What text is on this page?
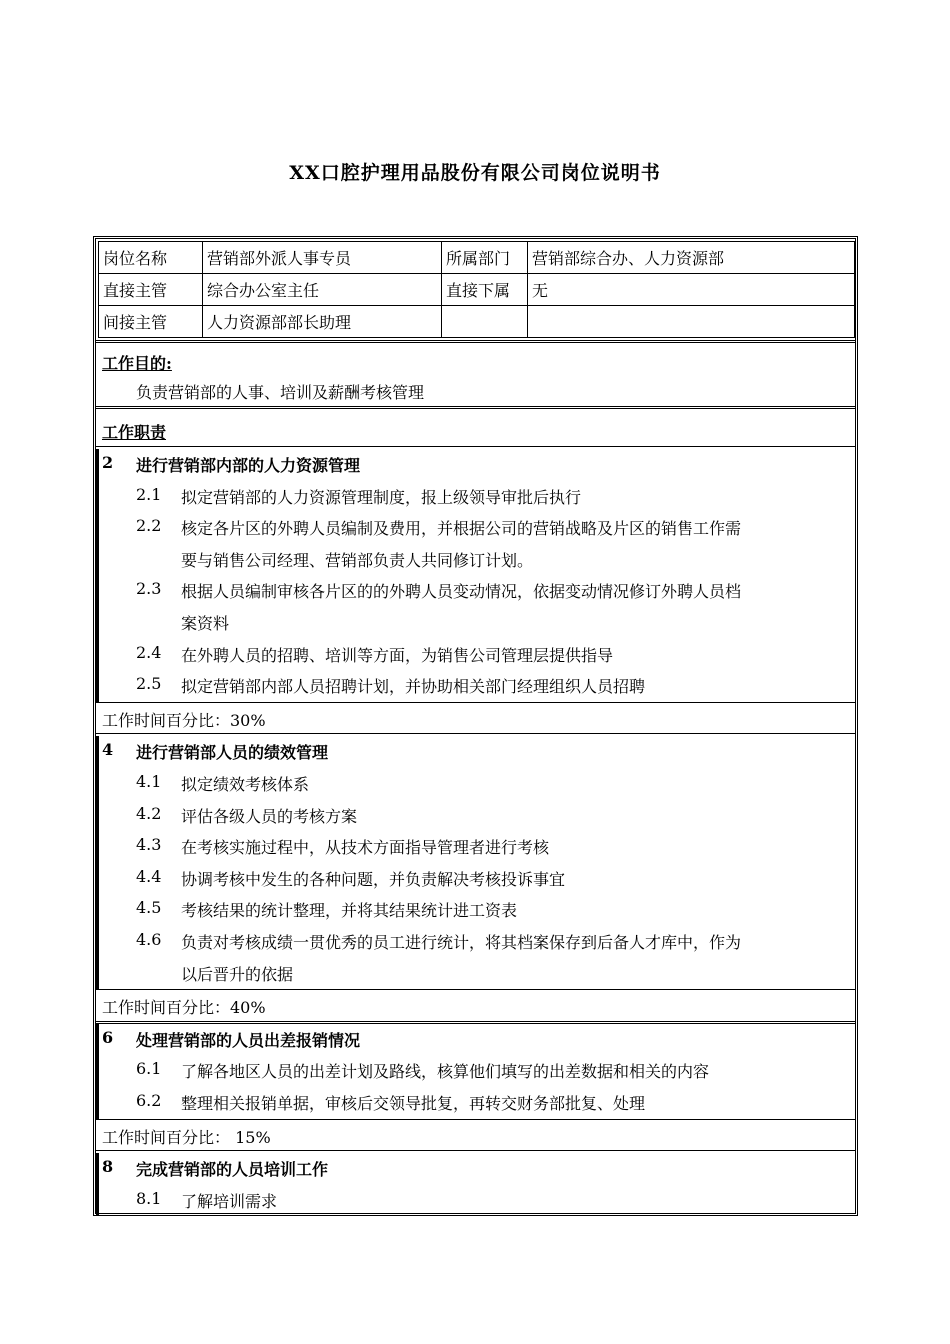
XX口腔护理用品股份有限公司岗位说明书
岗位名称	营销部外派人事专员	所属部门	营销部综合办、人力资源部
直接主管	综合办公室主任	直接下属	无
间接主管	人力资源部部长助理		
工作目的:
负责营销部的人事、培训及薪酬考核管理
工作职责
2 进行营销部内部的人力资源管理
2.1 拟定营销部的人力资源管理制度，报上级领导审批后执行
2.2 核定各片区的外聘人员编制及费用，并根据公司的营销战略及片区的销售工作需
要与销售公司经理、营销部负责人共同修订计划。
2.3 根据人员编制审核各片区的的外聘人员变动情况，依据变动情况修订外聘人员档
案资料
2.4 在外聘人员的招聘、培训等方面，为销售公司管理层提供指导
2.5 拟定营销部内部人员招聘计划，并协助相关部门经理组织人员招聘
工作时间百分比：30%
4 进行营销部人员的绩效管理
4.1 拟定绩效考核体系
4.2 评估各级人员的考核方案
4.3 在考核实施过程中，从技术方面指导管理者进行考核
4.4 协调考核中发生的各种问题，并负责解决考核投诉事宜
4.5 考核结果的统计整理，并将其结果统计进工资表
4.6 负责对考核成绩一贯优秀的员工进行统计，将其档案保存到后备人才库中，作为
以后晋升的依据
工作时间百分比：40%
6 处理营销部的人员出差报销情况
6.1 了解各地区人员的出差计划及路线，核算他们填写的出差数据和相关的内容
6.2 整理相关报销单据，审核后交领导批复，再转交财务部批复、处理
工作时间百分比： 15%
8 完成营销部的人员培训工作
8.1 了解培训需求
